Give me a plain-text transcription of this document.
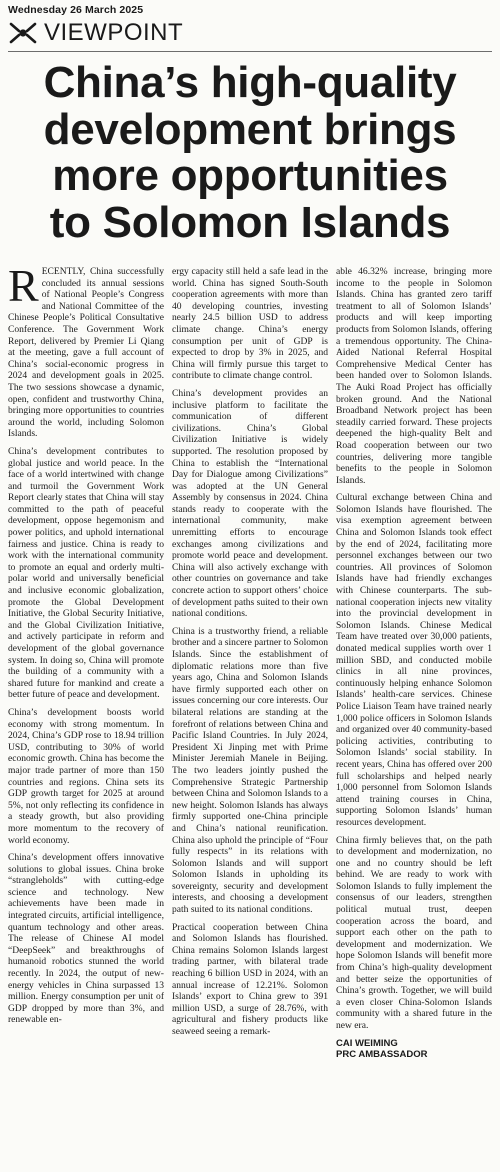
Wednesday 26 March 2025
VIEWPOINT
China’s high-quality
development brings
more opportunities
to Solomon Islands

RECENTLY, China successfully concluded its annual sessions of National People’s Congress and National Committee of the Chinese People’s Political Consultative Conference. The Government Work Report, delivered by Premier Li Qiang at the meeting, gave a full account of China’s social-economic progress in 2024 and development goals in 2025. The two sessions showcase a dynamic, open, confident and trustworthy China, bringing more opportunities to countries around the world, including Solomon Islands.

China’s development contributes to global justice and world peace. In the face of a world intertwined with change and turmoil the Government Work Report clearly states that China will stay committed to the path of peaceful development, oppose hegemonism and power politics, and uphold international fairness and justice. China is ready to work with the international community to promote an equal and orderly multi-polar world and universally beneficial and inclusive economic globalization, promote the Global Development Initiative, the Global Security Initiative, and the Global Civilization Initiative, and actively participate in reform and development of the global governance system. In doing so, China will promote the building of a community with a shared future for mankind and create a better future of peace and development.

China’s development boosts world economy with strong momentum. In 2024, China’s GDP rose to 18.94 trillion USD, contributing to 30% of world economic growth. China has become the major trade partner of more than 150 countries and regions. China sets its GDP growth target for 2025 at around 5%, not only reflecting its confidence in a steady growth, but also providing more momentum to the recovery of world economy.

China’s development offers innovative solutions to global issues. China broke “strangleholds” with cutting-edge science and technology. New achievements have been made in integrated circuits, artificial intelligence, quantum technology and other areas. The release of Chinese AI model “DeepSeek” and breakthroughs of humanoid robotics stunned the world recently. In 2024, the output of new-energy vehicles in China surpassed 13 million. Energy consumption per unit of GDP dropped by more than 3%, and renewable en-

ergy capacity still held a safe lead in the world. China has signed South-South cooperation agreements with more than 40 developing countries, investing nearly 24.5 billion USD to address climate change. China’s energy consumption per unit of GDP is expected to drop by 3% in 2025, and China will firmly pursue this target to contribute to climate change control.

China’s development provides an inclusive platform to facilitate the communication of different civilizations. China’s Global Civilization Initiative is widely supported. The resolution proposed by China to establish the “International Day for Dialogue among Civilizations” was adopted at the UN General Assembly by consensus in 2024. China stands ready to cooperate with the international community, make unremitting efforts to encourage exchanges among civilizations and promote world peace and development. China will also actively exchange with other countries on governance and take concrete action to support others’ choice of development paths suited to their own national conditions.

China is a trustworthy friend, a reliable brother and a sincere partner to Solomon Islands. Since the establishment of diplomatic relations more than five years ago, China and Solomon Islands have firmly supported each other on issues concerning our core interests. Our bilateral relations are standing at the forefront of relations between China and Pacific Island Countries. In July 2024, President Xi Jinping met with Prime Minister Jeremiah Manele in Beijing. The two leaders jointly pushed the Comprehensive Strategic Partnership between China and Solomon Islands to a new height. Solomon Islands has always firmly supported one-China principle and China’s national reunification. China also uphold the principle of “Four fully respects” in its relations with Solomon Islands and will support Solomon Islands in upholding its sovereignty, security and development interests, and choosing a development path suited to its national conditions.

Practical cooperation between China and Solomon Islands has flourished. China remains Solomon Islands largest trading partner, with bilateral trade reaching 6 billion USD in 2024, with an annual increase of 12.21%. Solomon Islands’ export to China grew to 391 million USD, a surge of 28.76%, with agricultural and fishery products like seaweed seeing a remark-

able 46.32% increase, bringing more income to the people in Solomon Islands. China has granted zero tariff treatment to all of Solomon Islands’ products and will keep importing products from Solomon Islands, offering a tremendous opportunity. The China-Aided National Referral Hospital Comprehensive Medical Center has been handed over to Solomon Islands. The Auki Road Project has officially broken ground. And the National Broadband Network project has been steadily carried forward. These projects deepened the high-quality Belt and Road cooperation between our two countries, delivering more tangible benefits to the people in Solomon Islands.

Cultural exchange between China and Solomon Islands have flourished. The visa exemption agreement between China and Solomon Islands took effect by the end of 2024, facilitating more personnel exchanges between our two countries. All provinces of Solomon Islands have had friendly exchanges with Chinese counterparts. The sub-national cooperation injects new vitality into the provincial development in Solomon Islands. Chinese Medical Team have treated over 30,000 patients, donated medical supplies worth over 1 million SBD, and conducted mobile clinics in all nine provinces, continuously helping enhance Solomon Islands’ health-care services. Chinese Police Liaison Team have trained nearly 1,000 police officers in Solomon Islands and organized over 40 community-based policing activities, contributing to Solomon Islands’ social stability. In recent years, China has offered over 200 full scholarships and helped nearly 1,000 personnel from Solomon Islands attend training courses in China, supporting Solomon Islands’ human resources development.

China firmly believes that, on the path to development and modernization, no one and no country should be left behind. We are ready to work with Solomon Islands to fully implement the consensus of our leaders, strengthen political mutual trust, deepen cooperation across the board, and support each other on the path to development and modernization. We hope Solomon Islands will benefit more from China’s high-quality development and better seize the opportunities of China’s growth. Together, we will build a even closer China-Solomon Islands community with a shared future in the new era.

CAI WEIMING
PRC AMBASSADOR
